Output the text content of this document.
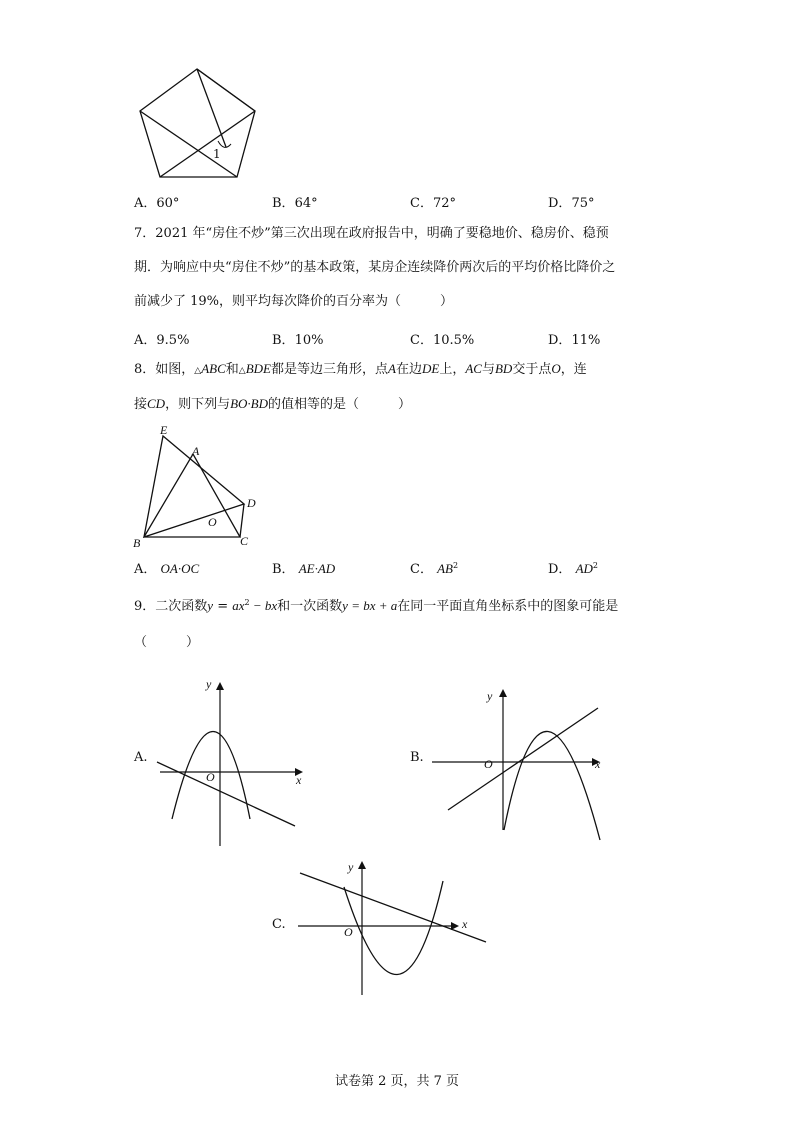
1
A．60°	B．64°	C．72°	D．75°
7．2021 年“房住不炒”第三次出现在政府报告中，明确了要稳地价、稳房价、稳预
期．为响应中央“房住不炒”的基本政策，某房企连续降价两次后的平均价格比降价之
前减少了 19%，则平均每次降价的百分率为（　　　）
A．9.5%	B．10%	C．10.5%	D．11%
8．如图，△ABC和△BDE都是等边三角形，点A在边DE上，AC与BD交于点O，连
接CD，则下列与BO·BD的值相等的是（　　　）
E
A
D
O
B	C
A． OA·OC	B． AE·AD	C． $AB^2$	D． $AD^2$
9．二次函数$y = ax^2$ − bx和一次函数y = bx + a在同一平面直角坐标系中的图象可能是
（　　　）
A.
y
x
O
B.
y
x
O
C.
y
x
O
试卷第 2 页，共 7 页
